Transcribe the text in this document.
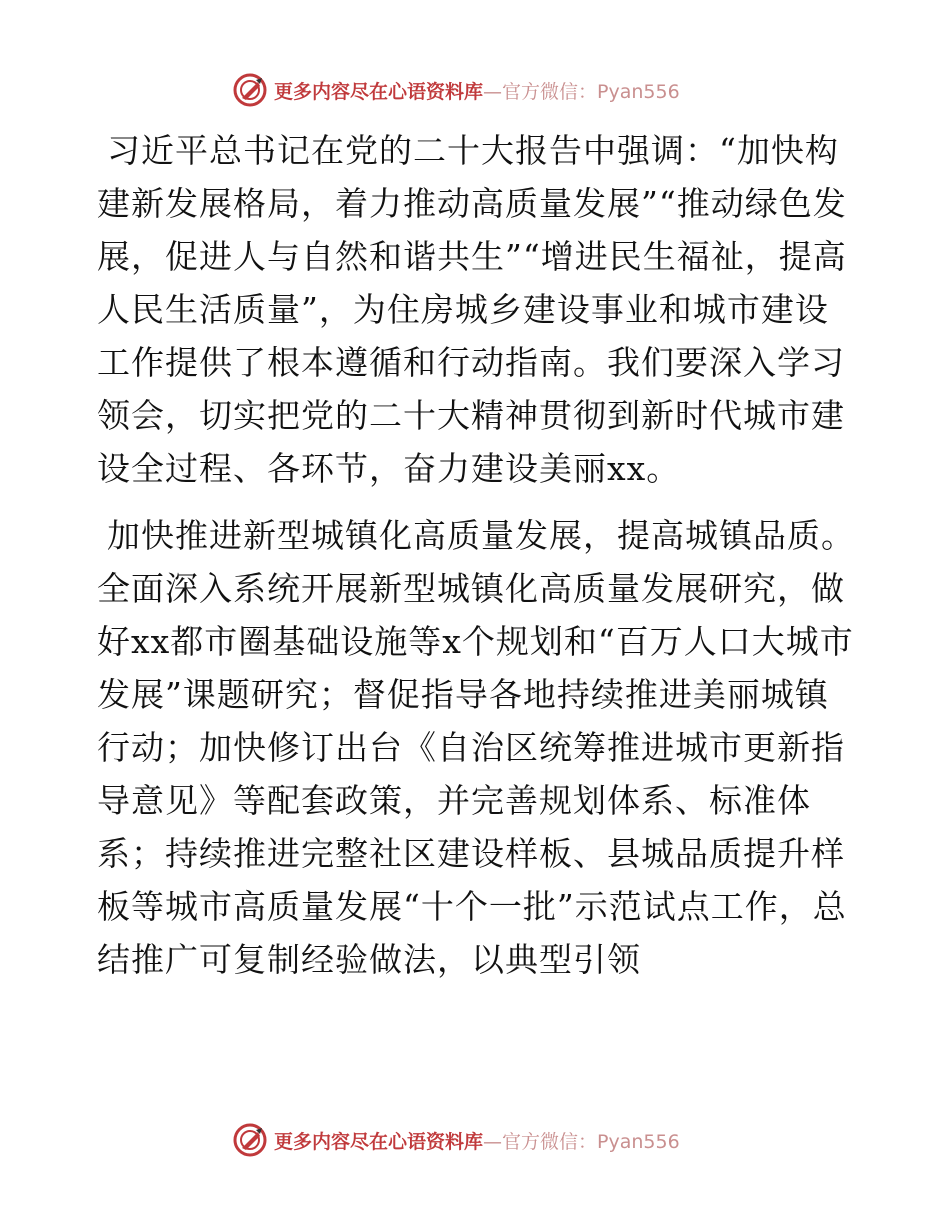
更多内容尽在心语资料库 —官方微信：Pyan556

习近平总书记在党的二十大报告中强调：“加快构建新发展格局，着力推动高质量发展”“推动绿色发展，促进人与自然和谐共生”“增进民生福祉，提高人民生活质量”，为住房城乡建设事业和城市建设工作提供了根本遵循和行动指南。我们要深入学习领会，切实把党的二十大精神贯彻到新时代城市建设全过程、各环节，奋力建设美丽xx。

加快推进新型城镇化高质量发展，提高城镇品质。全面深入系统开展新型城镇化高质量发展研究，做好xx都市圈基础设施等x个规划和“百万人口大城市发展”课题研究；督促指导各地持续推进美丽城镇行动；加快修订出台《自治区统筹推进城市更新指导意见》等配套政策，并完善规划体系、标准体系；持续推进完整社区建设样板、县城品质提升样板等城市高质量发展“十个一批”示范试点工作，总结推广可复制经验做法，以典型引领

更多内容尽在心语资料库 —官方微信：Pyan556
